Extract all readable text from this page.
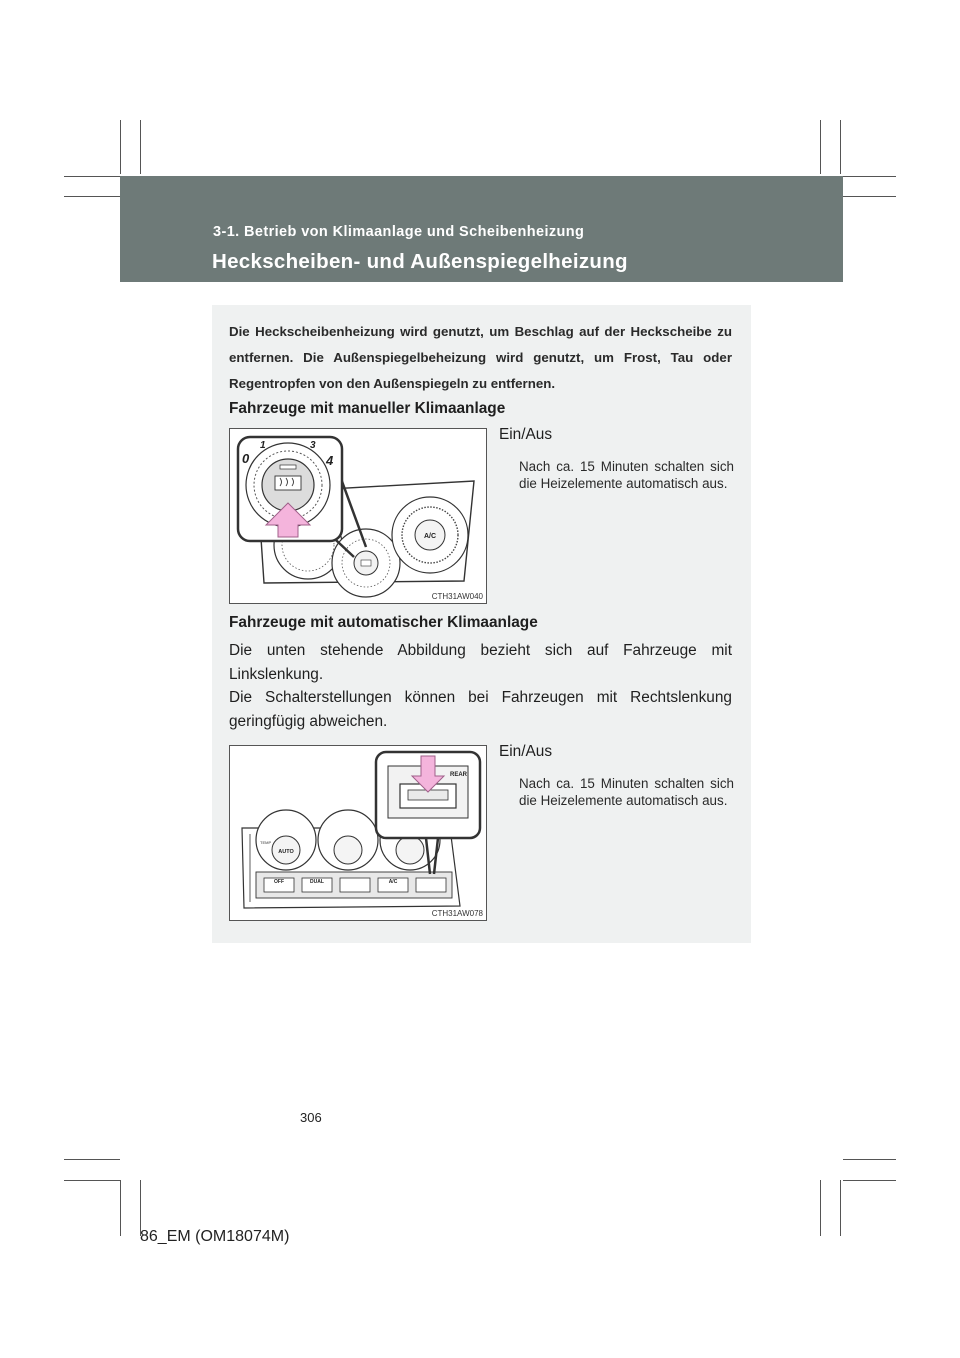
3-1. Betrieb von Klimaanlage und Scheibenheizung
Heckscheiben- und Außenspiegelheizung
Die Heckscheibenheizung wird genutzt, um Beschlag auf der Heckscheibe zu entfernen. Die Außenspiegelbeheizung wird genutzt, um Frost, Tau oder Regentropfen von den Außenspiegeln zu entfernen.
Fahrzeuge mit manueller Klimaanlage
A/C
0
1	3
4
CTH31AW040
Ein/Aus
Nach ca. 15 Minuten schalten sich die Heizelemente automatisch aus.
Fahrzeuge mit automatischer Klimaanlage
Die unten stehende Abbildung bezieht sich auf Fahrzeuge mit Linkslenkung.
Die Schalterstellungen können bei Fahrzeugen mit Rechtslenkung geringfügig abweichen.
AUTO
TEMP
OFF	DUAL	A/C
REAR
CTH31AW078
Ein/Aus
Nach ca. 15 Minuten schalten sich die Heizelemente automatisch aus.
306
86_EM (OM18074M)
